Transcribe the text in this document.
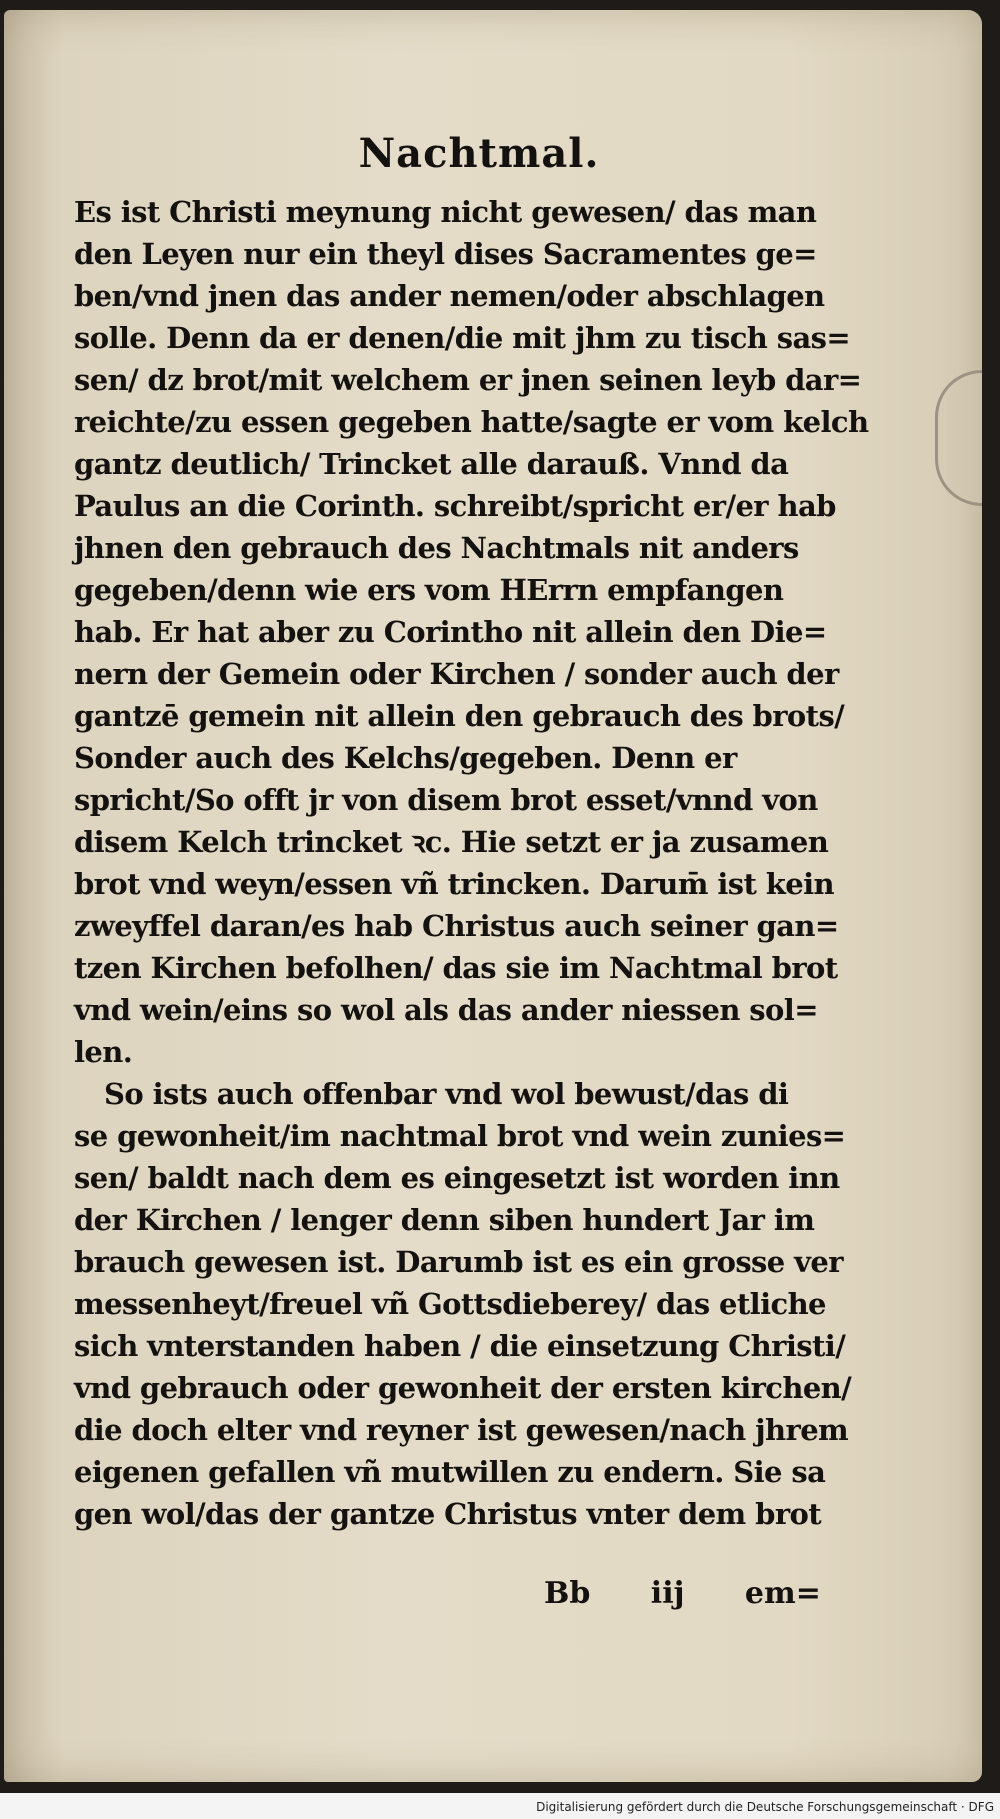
Nachtmal.
Es ist Christi meynung nicht gewesen/ das man
den Leyen nur ein theyl dises Sacramentes ge=
ben/vnd jnen das ander nemen/oder abschlagen
solle. Denn da er denen/die mit jhm zu tisch sas=
sen/ dz brot/mit welchem er jnen seinen leyb dar=
reichte/zu essen gegeben hatte/sagte er vom kelch
gantz deutlich/ Trincket alle darauß. Vnnd da
Paulus an die Corinth. schreibt/spricht er/er hab
jhnen den gebrauch des Nachtmals nit anders
gegeben/denn wie ers vom HErrn empfangen
hab. Er hat aber zu Corintho nit allein den Die=
nern der Gemein oder Kirchen / sonder auch der
gantzē gemein nit allein den gebrauch des brots/
Sonder auch des Kelchs/gegeben. Denn er
spricht/So offt jr von disem brot esset/vnnd von
disem Kelch trincket ꝛc. Hie setzt er ja zusamen
brot vnd weyn/essen vñ trincken. Darum̄ ist kein
zweyffel daran/es hab Christus auch seiner gan=
tzen Kirchen befolhen/ das sie im Nachtmal brot
vnd wein/eins so wol als das ander niessen sol=
len.
So ists auch offenbar vnd wol bewust/das di
se gewonheit/im nachtmal brot vnd wein zunies=
sen/ baldt nach dem es eingesetzt ist worden inn
der Kirchen / lenger denn siben hundert Jar im
brauch gewesen ist. Darumb ist es ein grosse ver
messenheyt/freuel vñ Gottsdieberey/ das etliche
sich vnterstanden haben / die einsetzung Christi/
vnd gebrauch oder gewonheit der ersten kirchen/
die doch elter vnd reyner ist gewesen/nach jhrem
eigenen gefallen vñ mutwillen zu endern. Sie sa
gen wol/das der gantze Christus vnter dem brot
Bb iij em=
Digitalisierung gefördert durch die Deutsche Forschungsgemeinschaft · DFG
